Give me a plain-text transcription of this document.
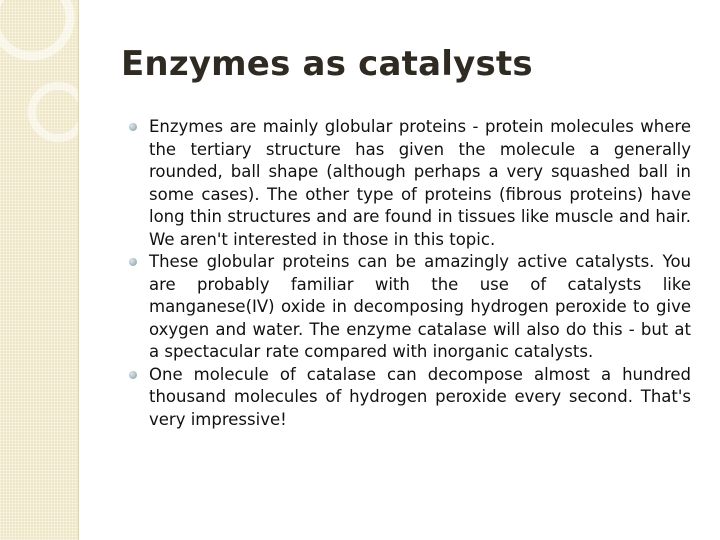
Enzymes as catalysts
Enzymes are mainly globular proteins - protein molecules where the tertiary structure has given the molecule a generally rounded, ball shape (although perhaps a very squashed ball in some cases). The other type of proteins (fibrous proteins) have long thin structures and are found in tissues like muscle and hair. We aren't interested in those in this topic.
These globular proteins can be amazingly active catalysts. You are probably familiar with the use of catalysts like manganese(IV) oxide in decomposing hydrogen peroxide to give oxygen and water. The enzyme catalase will also do this - but at a spectacular rate compared with inorganic catalysts.
One molecule of catalase can decompose almost a hundred thousand molecules of hydrogen peroxide every second. That's very impressive!
